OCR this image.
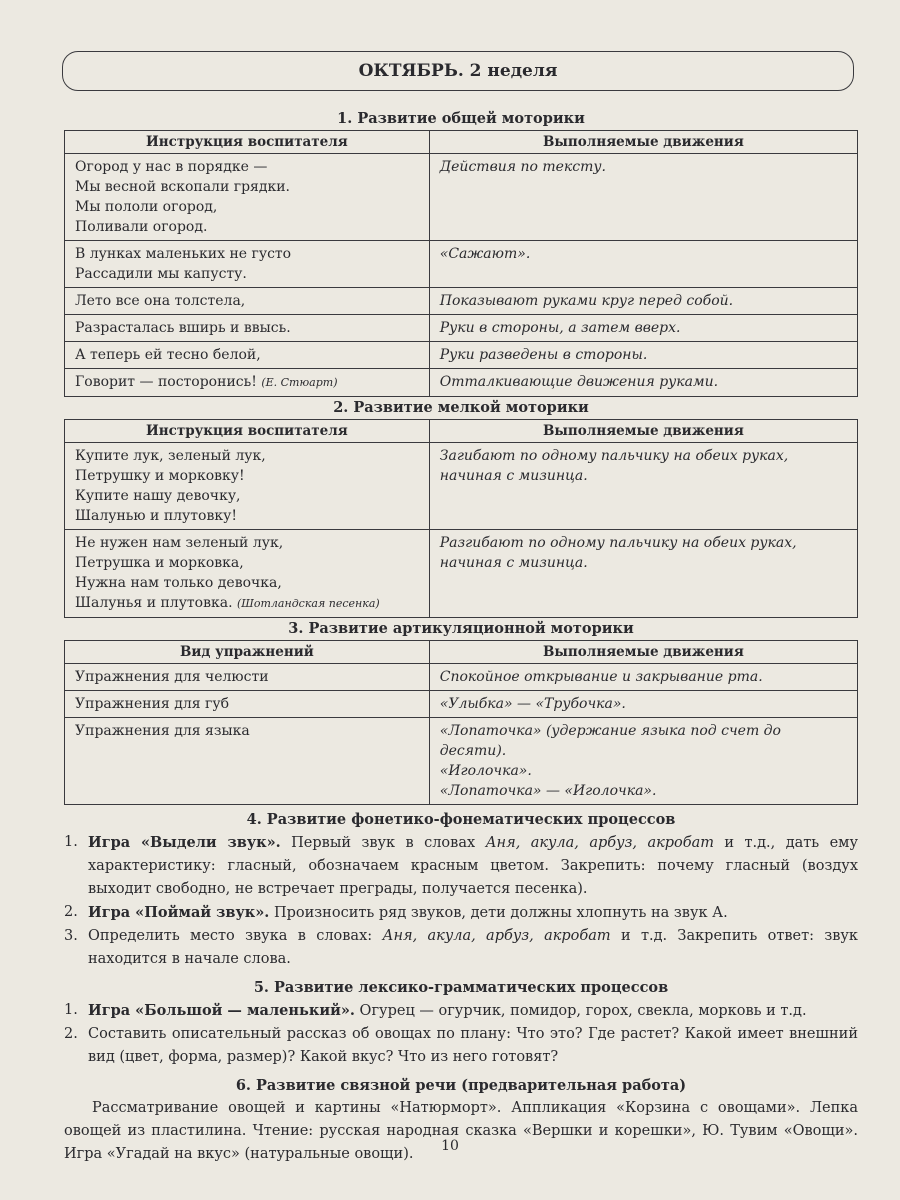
ОКТЯБРЬ. 2 неделя
1. Развитие общей моторики
Инструкция воспитателя	Выполняемые движения

Огород у нас в порядке —
Мы весной вскопали грядки.
Мы пололи огород,
Поливали огород.	Действия по тексту.

В лунках маленьких не густо
Рассадили мы капусту.	«Сажают».

Лето все она толстела,	Показывают руками круг перед собой.

Разрасталась вширь и ввысь.	Руки в стороны, а затем вверх.

А теперь ей тесно белой,	Руки разведены в стороны.

Говорит — посторонись! (Е. Стюарт)	Отталкивающие движения руками.
2. Развитие мелкой моторики
Инструкция воспитателя	Выполняемые движения

Купите лук, зеленый лук,
Петрушку и морковку!
Купите нашу девочку,
Шалунью и плутовку!	Загибают по одному пальчику на обеих руках, начиная с мизинца.

Не нужен нам зеленый лук,
Петрушка и морковка,
Нужна нам только девочка,
Шалунья и плутовка. (Шотландская песенка)	Разгибают по одному пальчику на обеих руках, начиная с мизинца.
3. Развитие артикуляционной моторики
Вид упражнений	Выполняемые движения
Упражнения для челюсти	Спокойное открывание и закрывание рта.

Упражнения для губ	«Улыбка» — «Трубочка».

Упражнения для языка	«Лопаточка» (удержание языка под счет до десяти).
«Иголочка».
«Лопаточка» — «Иголочка».
4. Развитие фонетико-фонематических процессов
1. Игра «Выдели звук». Первый звук в словах Аня, акула, арбуз, акробат и т.д., дать ему характеристику: гласный, обозначаем красным цветом. Закрепить: почему гласный (воздух выходит свободно, не встречает преграды, получается песенка).
2. Игра «Поймай звук». Произносить ряд звуков, дети должны хлопнуть на звук А.
3. Определить место звука в словах: Аня, акула, арбуз, акробат и т.д. Закрепить ответ: звук находится в начале слова.
5. Развитие лексико-грамматических процессов
1. Игра «Большой — маленький». Огурец — огурчик, помидор, горох, свекла, морковь и т.д.
2. Составить описательный рассказ об овощах по плану: Что это? Где растет? Какой имеет внешний вид (цвет, форма, размер)? Какой вкус? Что из него готовят?
6. Развитие связной речи (предварительная работа)

Рассматривание овощей и картины «Натюрморт». Аппликация «Корзина с овощами». Лепка овощей из пластилина. Чтение: русская народная сказка «Вершки и корешки», Ю. Тувим «Овощи». Игра «Угадай на вкус» (натуральные овощи).	10
